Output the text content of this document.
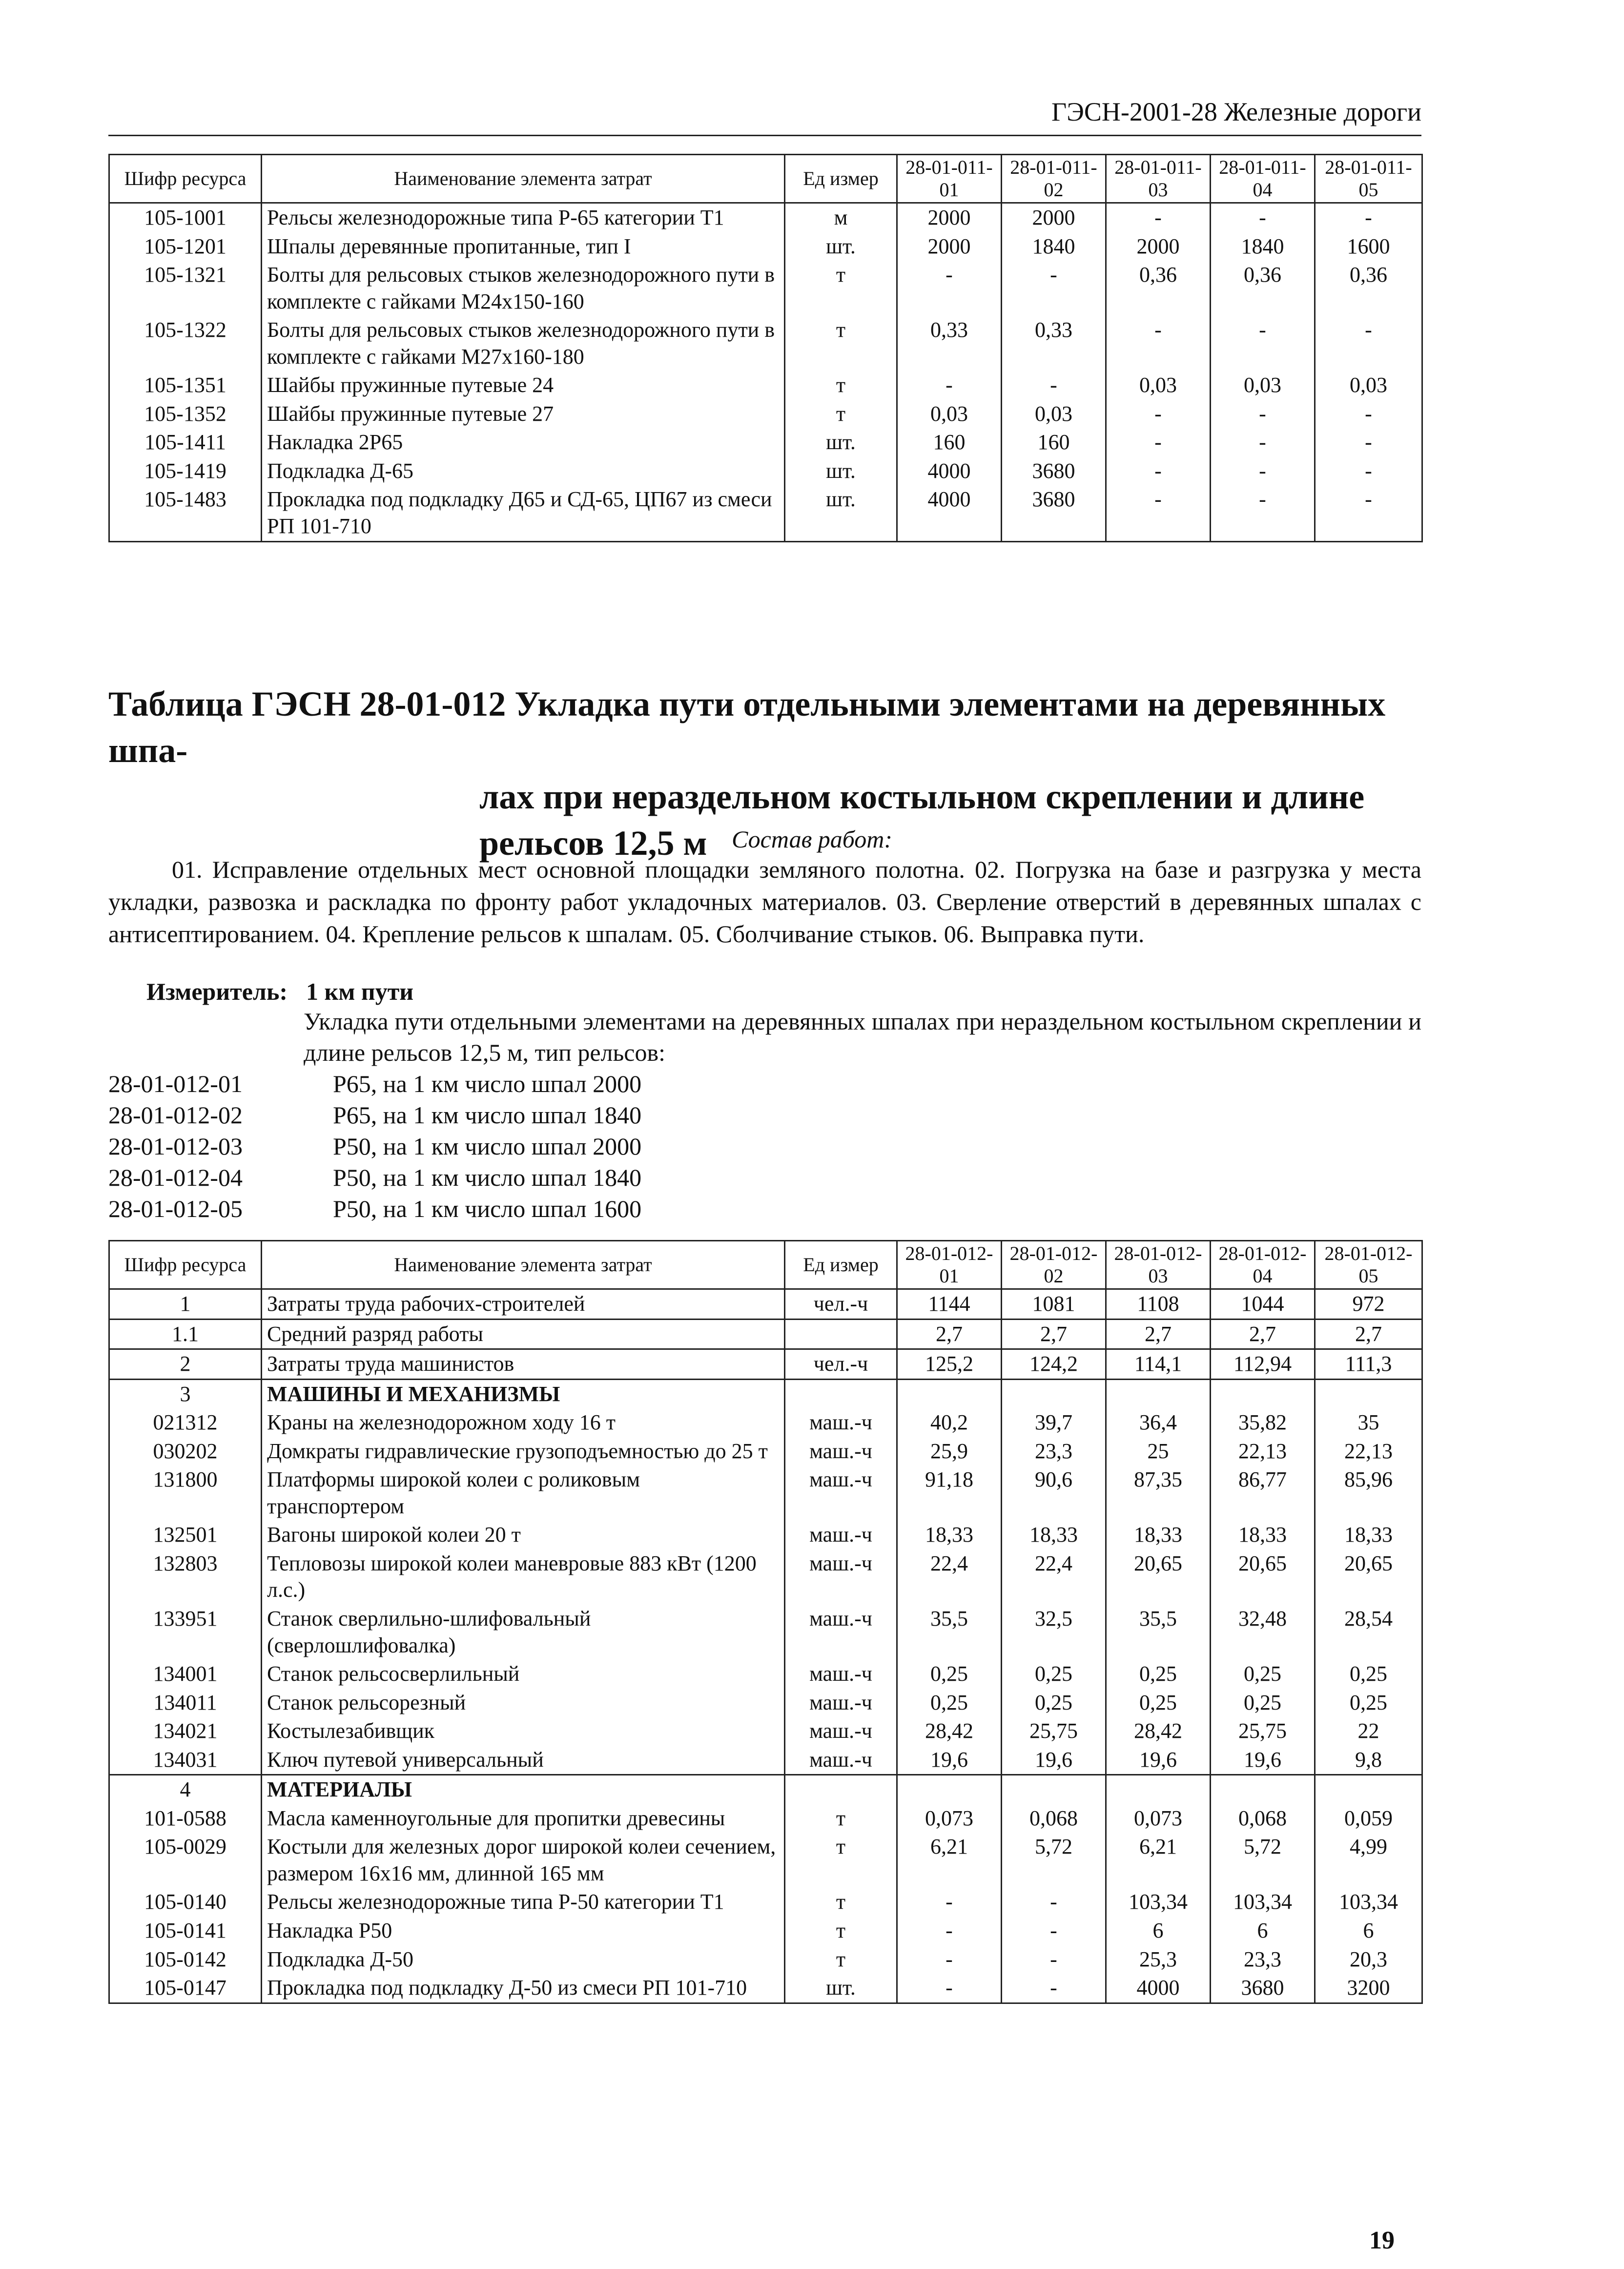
ГЭСН-2001-28 Железные дороги
Шифр ресурса	Наименование элемента затрат	Ед измер	28-01-011-01	28-01-011-02	28-01-011-03	28-01-011-04	28-01-011-05
105-1001	Рельсы железнодорожные типа Р-65 категории Т1	м	2000	2000	-	-	-
105-1201	Шпалы деревянные пропитанные, тип I	шт.	2000	1840	2000	1840	1600
105-1321	Болты для рельсовых стыков железнодорожного пути в комплекте с гайками М24х150-160	т	-	-	0,36	0,36	0,36
105-1322	Болты для рельсовых стыков железнодорожного пути в комплекте с гайками М27х160-180	т	0,33	0,33	-	-	-
105-1351	Шайбы пружинные путевые 24	т	-	-	0,03	0,03	0,03
105-1352	Шайбы пружинные путевые 27	т	0,03	0,03	-	-	-
105-1411	Накладка 2Р65	шт.	160	160	-	-	-
105-1419	Подкладка Д-65	шт.	4000	3680	-	-	-
105-1483	Прокладка под подкладку Д65 и СД-65, ЦП67 из смеси РП 101-710	шт.	4000	3680	-	-	-
Таблица ГЭСН 28-01-012 Укладка пути отдельными элементами на деревянных шпа-
лах при нераздельном костыльном скреплении и длине рельсов 12,5 м	Состав работ:
01. Исправление отдельных мест основной площадки земляного полотна. 02. Погрузка на базе и разгрузка у места укладки, развозка и раскладка по фронту работ укладочных материалов. 03. Сверление отверстий в деревянных шпалах с антисептированием. 04. Крепление рельсов к шпалам. 05. Сболчивание стыков. 06. Выправка пути.
Измеритель: 1 км пути
Укладка пути отдельными элементами на деревянных шпалах при нераздельном костыльном скреплении и длине рельсов 12,5 м, тип рельсов:
28-01-012-01	Р65, на 1 км число шпал 2000
28-01-012-02	Р65, на 1 км число шпал 1840
28-01-012-03	Р50, на 1 км число шпал 2000
28-01-012-04	Р50, на 1 км число шпал 1840
28-01-012-05	Р50, на 1 км число шпал 1600
Шифр ресурса	Наименование элемента затрат	Ед измер	28-01-012-01	28-01-012-02	28-01-012-03	28-01-012-04	28-01-012-05
1	Затраты труда рабочих-строителей	чел.-ч	1144	1081	1108	1044	972
1.1	Средний разряд работы		2,7	2,7	2,7	2,7	2,7
2	Затраты труда машинистов	чел.-ч	125,2	124,2	114,1	112,94	111,3
3	МАШИНЫ И МЕХАНИЗМЫ						
021312	Краны на железнодорожном ходу 16 т	маш.-ч	40,2	39,7	36,4	35,82	35
030202	Домкраты гидравлические грузоподъемностью до 25 т	маш.-ч	25,9	23,3	25	22,13	22,13
131800	Платформы широкой колеи с роликовым транспортером	маш.-ч	91,18	90,6	87,35	86,77	85,96
132501	Вагоны широкой колеи 20 т	маш.-ч	18,33	18,33	18,33	18,33	18,33
132803	Тепловозы широкой колеи маневровые 883 кВт (1200 л.с.)	маш.-ч	22,4	22,4	20,65	20,65	20,65
133951	Станок сверлильно-шлифовальный (сверлошлифовалка)	маш.-ч	35,5	32,5	35,5	32,48	28,54
134001	Станок рельсосверлильный	маш.-ч	0,25	0,25	0,25	0,25	0,25
134011	Станок рельсорезный	маш.-ч	0,25	0,25	0,25	0,25	0,25
134021	Костылезабивщик	маш.-ч	28,42	25,75	28,42	25,75	22
134031	Ключ путевой универсальный	маш.-ч	19,6	19,6	19,6	19,6	9,8
4	МАТЕРИАЛЫ						
101-0588	Масла каменноугольные для пропитки древесины	т	0,073	0,068	0,073	0,068	0,059
105-0029	Костыли для железных дорог широкой колеи сечением, размером 16х16 мм, длинной 165 мм	т	6,21	5,72	6,21	5,72	4,99
105-0140	Рельсы железнодорожные типа Р-50 категории Т1	т	-	-	103,34	103,34	103,34
105-0141	Накладка Р50	т	-	-	6	6	6
105-0142	Подкладка Д-50	т	-	-	25,3	23,3	20,3
105-0147	Прокладка под подкладку Д-50 из смеси РП 101-710	шт.	-	-	4000	3680	3200
19
